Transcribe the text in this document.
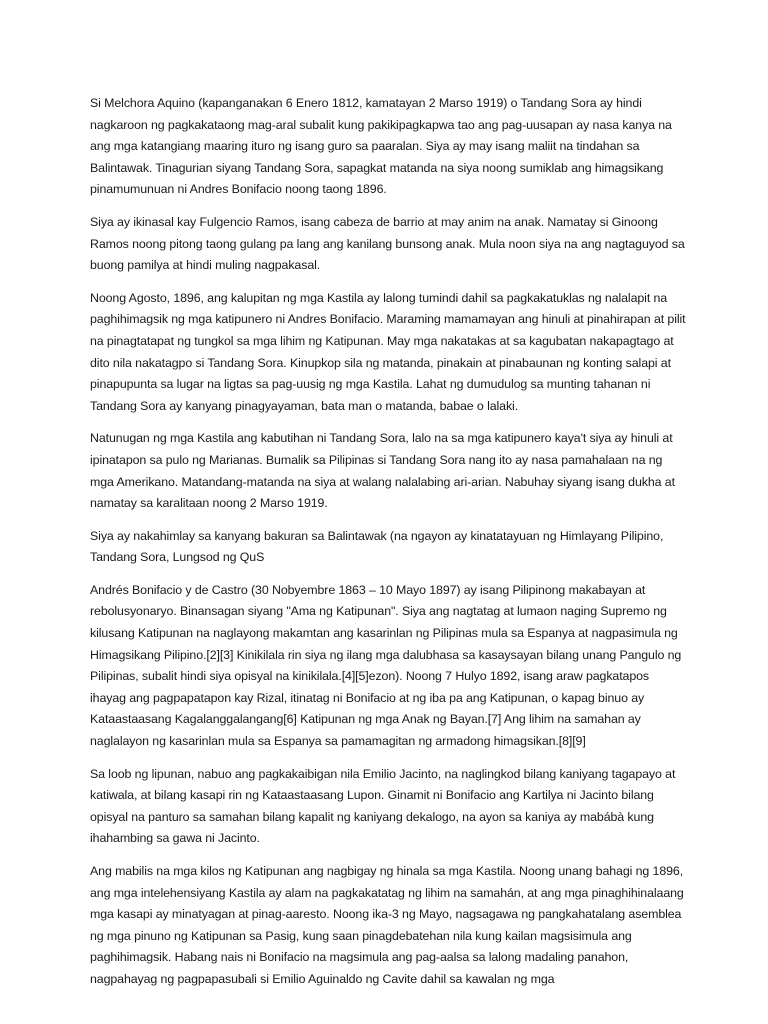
Si Melchora Aquino (kapanganakan 6 Enero 1812, kamatayan 2 Marso 1919) o Tandang Sora ay hindi nagkaroon ng pagkakataong mag-aral subalit kung pakikipagkapwa tao ang pag-uusapan ay nasa kanya na ang mga katangiang maaring ituro ng isang guro sa paaralan. Siya ay may isang maliit na tindahan sa Balintawak. Tinagurian siyang Tandang Sora, sapagkat matanda na siya noong sumiklab ang himagsikang pinamumunuan ni Andres Bonifacio noong taong 1896.

Siya ay ikinasal kay Fulgencio Ramos, isang cabeza de barrio at may anim na anak. Namatay si Ginoong Ramos noong pitong taong gulang pa lang ang kanilang bunsong anak. Mula noon siya na ang nagtaguyod sa buong pamilya at hindi muling nagpakasal.

Noong Agosto, 1896, ang kalupitan ng mga Kastila ay lalong tumindi dahil sa pagkakatuklas ng nalalapit na paghihimagsik ng mga katipunero ni Andres Bonifacio. Maraming mamamayan ang hinuli at pinahirapan at pilit na pinagtatapat ng tungkol sa mga lihim ng Katipunan. May mga nakatakas at sa kagubatan nakapagtago at dito nila nakatagpo si Tandang Sora. Kinupkop sila ng matanda, pinakain at pinabaunan ng konting salapi at pinapupunta sa lugar na ligtas sa pag-uusig ng mga Kastila. Lahat ng dumudulog sa munting tahanan ni Tandang Sora ay kanyang pinagyayaman, bata man o matanda, babae o lalaki.

Natunugan ng mga Kastila ang kabutihan ni Tandang Sora, lalo na sa mga katipunero kaya't siya ay hinuli at ipinatapon sa pulo ng Marianas. Bumalik sa Pilipinas si Tandang Sora nang ito ay nasa pamahalaan na ng mga Amerikano. Matandang-matanda na siya at walang nalalabing ari-arian. Nabuhay siyang isang dukha at namatay sa karalitaan noong 2 Marso 1919.

Siya ay nakahimlay sa kanyang bakuran sa Balintawak (na ngayon ay kinatatayuan ng Himlayang Pilipino, Tandang Sora, Lungsod ng QuS

Andrés Bonifacio y de Castro (30 Nobyembre 1863 – 10 Mayo 1897) ay isang Pilipinong makabayan at rebolusyonaryo. Binansagan siyang "Ama ng Katipunan". Siya ang nagtatag at lumaon naging Supremo ng kilusang Katipunan na naglayong makamtan ang kasarinlan ng Pilipinas mula sa Espanya at nagpasimula ng Himagsikang Pilipino.[2][3] Kinikilala rin siya ng ilang mga dalubhasa sa kasaysayan bilang unang Pangulo ng Pilipinas, subalit hindi siya opisyal na kinikilala.[4][5]ezon). Noong 7 Hulyo 1892, isang araw pagkatapos ihayag ang pagpapatapon kay Rizal, itinatag ni Bonifacio at ng iba pa ang Katipunan, o kapag binuo ay Kataastaasang Kagalanggalangang[6] Katipunan ng mga Anak ng Bayan.[7] Ang lihim na samahan ay naglalayon ng kasarinlan mula sa Espanya sa pamamagitan ng armadong himagsikan.[8][9]

Sa loob ng lipunan, nabuo ang pagkakaibigan nila Emilio Jacinto, na naglingkod bilang kaniyang tagapayo at katiwala, at bilang kasapi rin ng Kataastaasang Lupon. Ginamit ni Bonifacio ang Kartilya ni Jacinto bilang opisyal na panturo sa samahan bilang kapalit ng kaniyang dekalogo, na ayon sa kaniya ay mabábà kung ihahambing sa gawa ni Jacinto.

Ang mabilis na mga kilos ng Katipunan ang nagbigay ng hinala sa mga Kastila. Noong unang bahagi ng 1896, ang mga intelehensiyang Kastila ay alam na pagkakatatag ng lihim na samahán, at ang mga pinaghihinalaang mga kasapi ay minatyagan at pinag-aaresto. Noong ika-3 ng Mayo, nagsagawa ng pangkahatalang asemblea ng mga pinuno ng Katipunan sa Pasig, kung saan pinagdebatehan nila kung kailan magsisimula ang paghihimagsik. Habang nais ni Bonifacio na magsimula ang pag-aalsa sa lalong madaling panahon, nagpahayag ng pagpapasubali si Emilio Aguinaldo ng Cavite dahil sa kawalan ng mga
